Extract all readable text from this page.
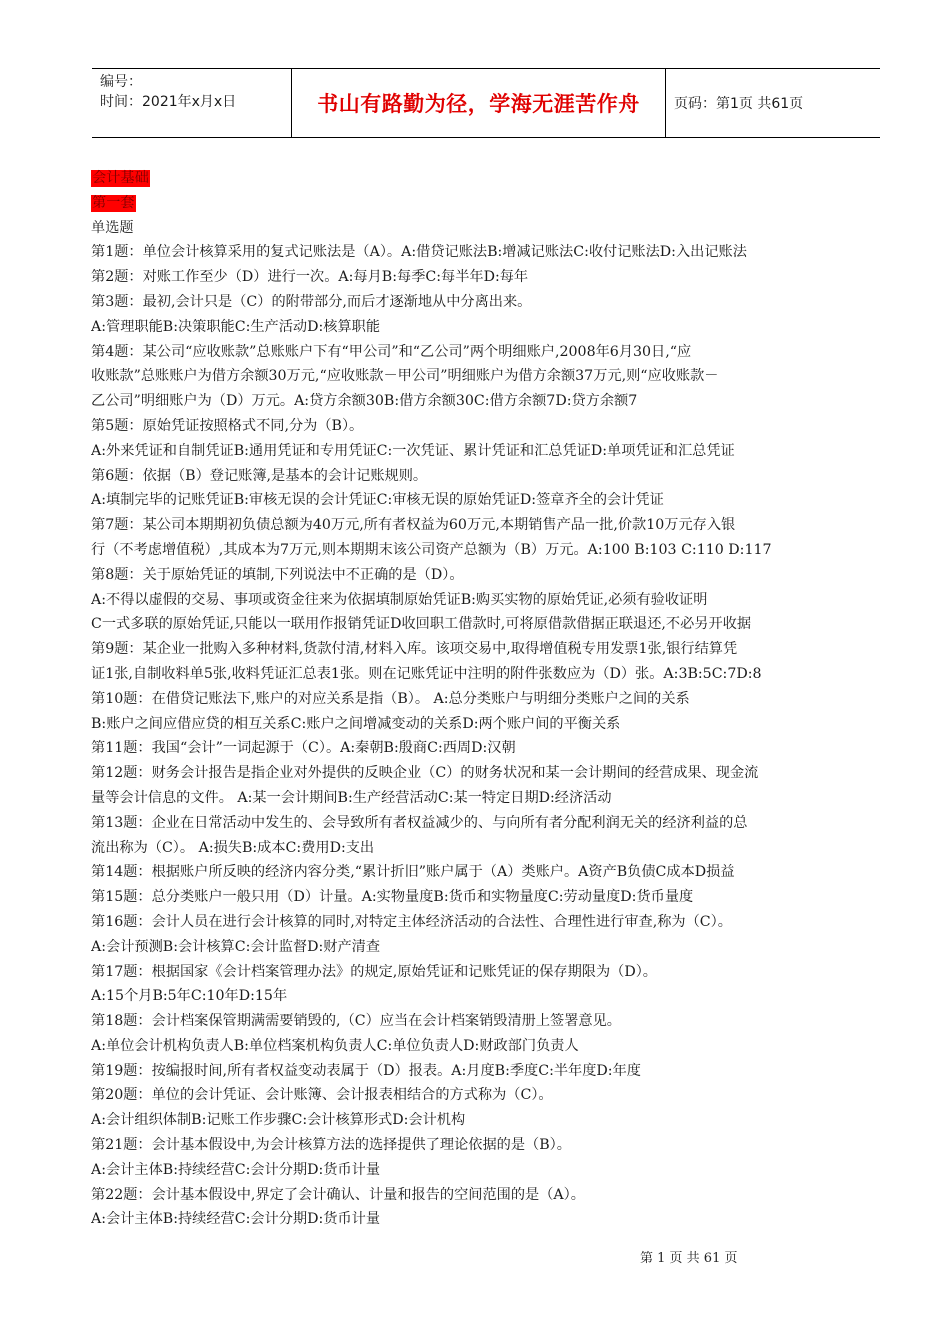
编号：
时间：2021年x月x日	书山有路勤为径，学海无涯苦作舟	页码：第1页 共61页
会计基础
第一套
单选题
第1题：单位会计核算采用的复式记账法是（A）。A:借贷记账法B:增减记账法C:收付记账法D:入出记账法
第2题：对账工作至少（D）进行一次。A:每月B:每季C:每半年D:每年
第3题：最初,会计只是（C）的附带部分,而后才逐渐地从中分离出来。
A:管理职能B:决策职能C:生产活动D:核算职能
第4题：某公司“应收账款”总账账户下有“甲公司”和“乙公司”两个明细账户,2008年6月30日,“应
收账款”总账账户为借方余额30万元,“应收账款－甲公司”明细账户为借方余额37万元,则“应收账款－
乙公司”明细账户为（D）万元。A:贷方余额30B:借方余额30C:借方余额7D:贷方余额7
第5题：原始凭证按照格式不同,分为（B）。
A:外来凭证和自制凭证B:通用凭证和专用凭证C:一次凭证、累计凭证和汇总凭证D:单项凭证和汇总凭证
第6题：依据（B）登记账簿,是基本的会计记账规则。
A:填制完毕的记账凭证B:审核无误的会计凭证C:审核无误的原始凭证D:签章齐全的会计凭证
第7题：某公司本期期初负债总额为40万元,所有者权益为60万元,本期销售产品一批,价款10万元存入银
行（不考虑增值税）,其成本为7万元,则本期期末该公司资产总额为（B）万元。A:100 B:103 C:110 D:117
第8题：关于原始凭证的填制,下列说法中不正确的是（D）。
A:不得以虚假的交易、事项或资金往来为依据填制原始凭证B:购买实物的原始凭证,必须有验收证明
C一式多联的原始凭证,只能以一联用作报销凭证D收回职工借款时,可将原借款借据正联退还,不必另开收据
第9题：某企业一批购入多种材料,货款付清,材料入库。该项交易中,取得增值税专用发票1张,银行结算凭
证1张,自制收料单5张,收料凭证汇总表1张。则在记账凭证中注明的附件张数应为（D）张。A:3B:5C:7D:8
第10题：在借贷记账法下,账户的对应关系是指（B）。 A:总分类账户与明细分类账户之间的关系
B:账户之间应借应贷的相互关系C:账户之间增减变动的关系D:两个账户间的平衡关系
第11题：我国“会计”一词起源于（C）。A:秦朝B:殷商C:西周D:汉朝
第12题：财务会计报告是指企业对外提供的反映企业（C）的财务状况和某一会计期间的经营成果、现金流
量等会计信息的文件。 A:某一会计期间B:生产经营活动C:某一特定日期D:经济活动
第13题：企业在日常活动中发生的、会导致所有者权益减少的、与向所有者分配利润无关的经济利益的总
流出称为（C）。 A:损失B:成本C:费用D:支出
第14题：根据账户所反映的经济内容分类,“累计折旧”账户属于（A）类账户。A资产B负债C成本D损益
第15题：总分类账户一般只用（D）计量。A:实物量度B:货币和实物量度C:劳动量度D:货币量度
第16题：会计人员在进行会计核算的同时,对特定主体经济活动的合法性、合理性进行审查,称为（C）。
A:会计预测B:会计核算C:会计监督D:财产清查
第17题：根据国家《会计档案管理办法》的规定,原始凭证和记账凭证的保存期限为（D）。
A:15个月B:5年C:10年D:15年
第18题：会计档案保管期满需要销毁的,（C）应当在会计档案销毁清册上签署意见。
A:单位会计机构负责人B:单位档案机构负责人C:单位负责人D:财政部门负责人
第19题：按编报时间,所有者权益变动表属于（D）报表。A:月度B:季度C:半年度D:年度
第20题：单位的会计凭证、会计账簿、会计报表相结合的方式称为（C）。
A:会计组织体制B:记账工作步骤C:会计核算形式D:会计机构
第21题：会计基本假设中,为会计核算方法的选择提供了理论依据的是（B）。
A:会计主体B:持续经营C:会计分期D:货币计量
第22题：会计基本假设中,界定了会计确认、计量和报告的空间范围的是（A）。
A:会计主体B:持续经营C:会计分期D:货币计量
第 1 页 共 61 页
